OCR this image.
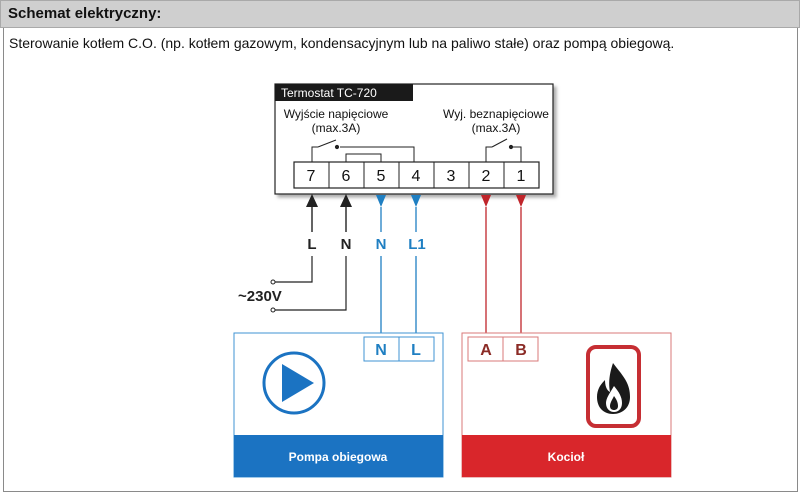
Schemat elektryczny:
Sterowanie kotłem C.O. (np. kotłem gazowym, kondensacyjnym lub na paliwo stałe) oraz pompą obiegową.
Termostat TC-720
Wyjście napięciowe
(max.3A)
Wyj. beznapięciowe
(max.3A)
7 6 5 4 3 2 1
L N
~230V
N L1
Pompa obiegowa
N L
Kocioł
A B
